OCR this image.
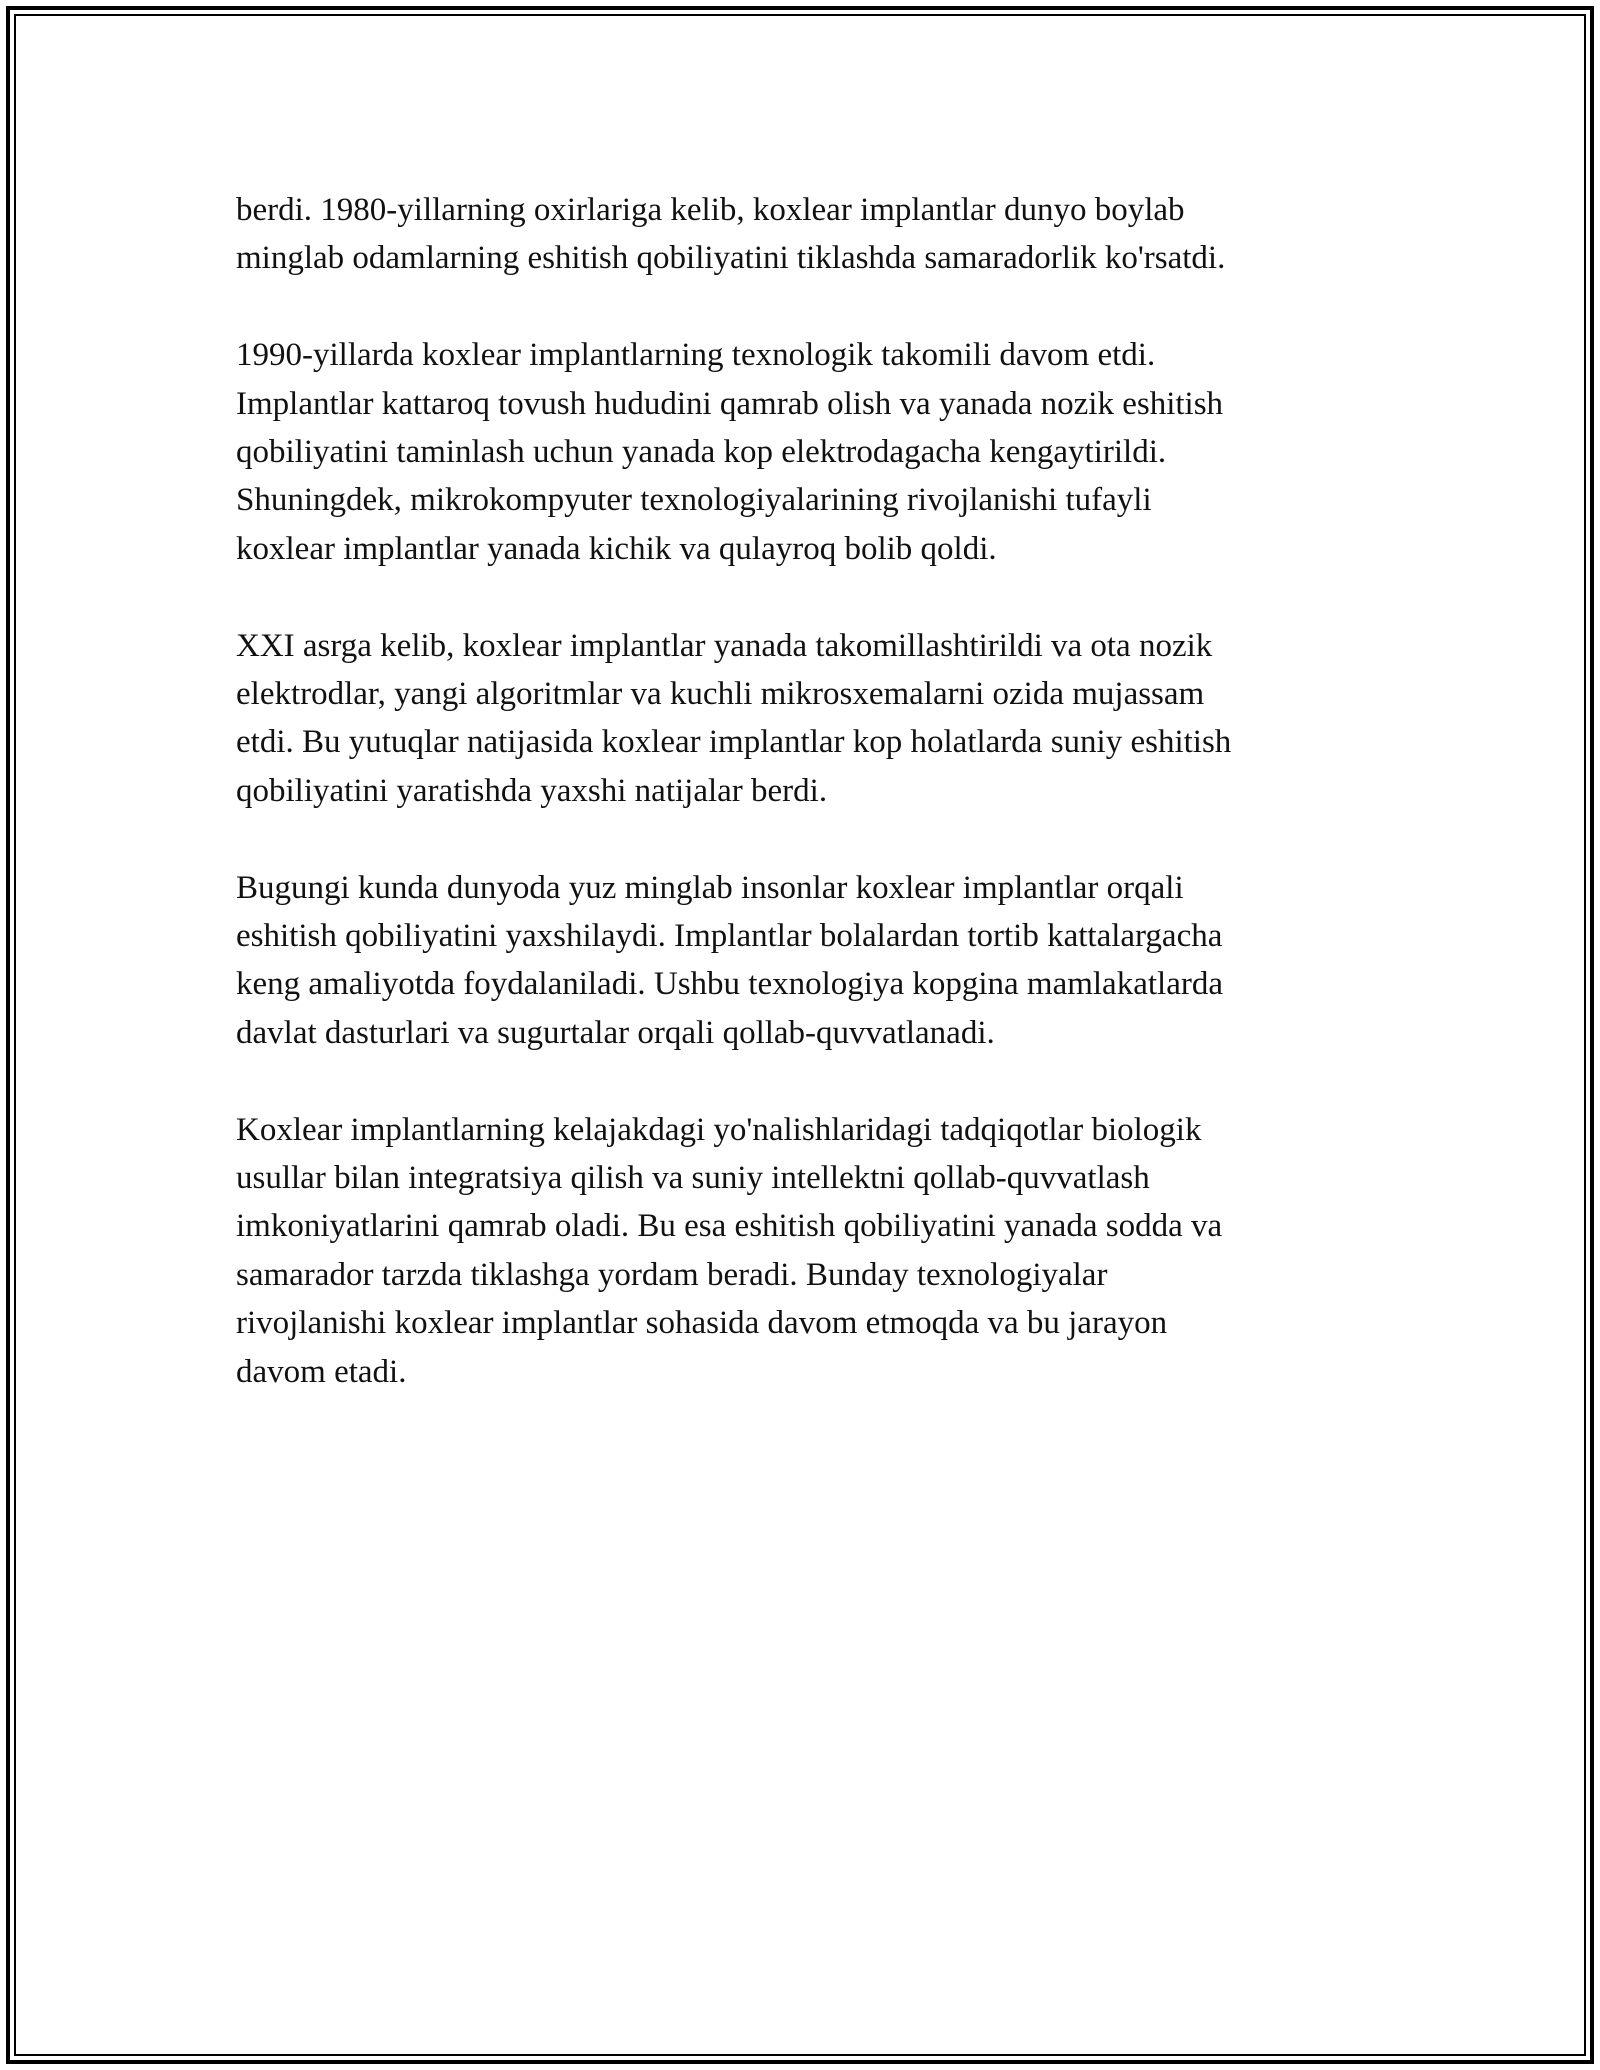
berdi. 1980-yillarning oxirlariga kelib, koxlear implantlar dunyo boylab
minglab odamlarning eshitish qobiliyatini tiklashda samaradorlik ko'rsatdi.
1990-yillarda koxlear implantlarning texnologik takomili davom etdi.
Implantlar kattaroq tovush hududini qamrab olish va yanada nozik eshitish
qobiliyatini taminlash uchun yanada kop elektrodagacha kengaytirildi.
Shuningdek, mikrokompyuter texnologiyalarining rivojlanishi tufayli
koxlear implantlar yanada kichik va qulayroq bolib qoldi.
XXI asrga kelib, koxlear implantlar yanada takomillashtirildi va ota nozik
elektrodlar, yangi algoritmlar va kuchli mikrosxemalarni ozida mujassam
etdi. Bu yutuqlar natijasida koxlear implantlar kop holatlarda suniy eshitish
qobiliyatini yaratishda yaxshi natijalar berdi.
Bugungi kunda dunyoda yuz minglab insonlar koxlear implantlar orqali
eshitish qobiliyatini yaxshilaydi. Implantlar bolalardan tortib kattalargacha
keng amaliyotda foydalaniladi. Ushbu texnologiya kopgina mamlakatlarda
davlat dasturlari va sugurtalar orqali qollab-quvvatlanadi.
Koxlear implantlarning kelajakdagi yo'nalishlaridagi tadqiqotlar biologik
usullar bilan integratsiya qilish va suniy intellektni qollab-quvvatlash
imkoniyatlarini qamrab oladi. Bu esa eshitish qobiliyatini yanada sodda va
samarador tarzda tiklashga yordam beradi. Bunday texnologiyalar
rivojlanishi koxlear implantlar sohasida davom etmoqda va bu jarayon
davom etadi.
